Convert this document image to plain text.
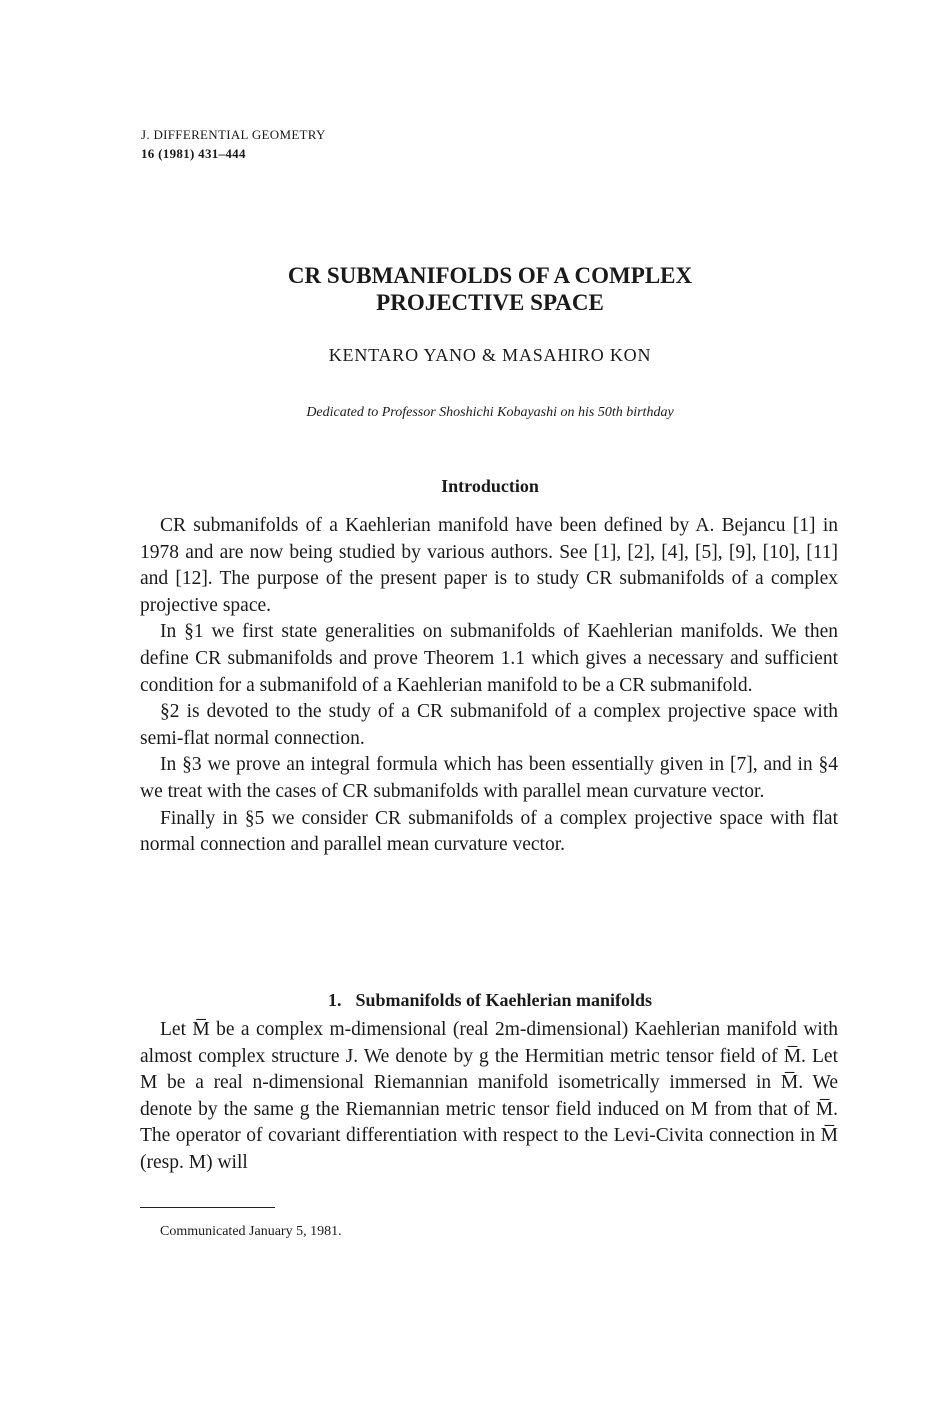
J. DIFFERENTIAL GEOMETRY
16 (1981) 431–444
CR SUBMANIFOLDS OF A COMPLEX
PROJECTIVE SPACE
KENTARO YANO & MASAHIRO KON
Dedicated to Professor Shoshichi Kobayashi on his 50th birthday
Introduction

CR submanifolds of a Kaehlerian manifold have been defined by A. Bejancu [1] in 1978 and are now being studied by various authors. See [1], [2], [4], [5], [9], [10], [11] and [12]. The purpose of the present paper is to study CR submanifolds of a complex projective space.

In §1 we first state generalities on submanifolds of Kaehlerian manifolds. We then define CR submanifolds and prove Theorem 1.1 which gives a necessary and sufficient condition for a submanifold of a Kaehlerian manifold to be a CR submanifold.

§2 is devoted to the study of a CR submanifold of a complex projective space with semi-flat normal connection.

In §3 we prove an integral formula which has been essentially given in [7], and in §4 we treat with the cases of CR submanifolds with parallel mean curvature vector.

Finally in §5 we consider CR submanifolds of a complex projective space with flat normal connection and parallel mean curvature vector.

1. Submanifolds of Kaehlerian manifolds

Let M̅ be a complex m-dimensional (real 2m-dimensional) Kaehlerian manifold with almost complex structure J. We denote by g the Hermitian metric tensor field of M̅. Let M be a real n-dimensional Riemannian manifold isometrically immersed in M̅. We denote by the same g the Riemannian metric tensor field induced on M from that of M̅. The operator of covariant differentiation with respect to the Levi-Civita connection in M̅ (resp. M) will

Communicated January 5, 1981.
